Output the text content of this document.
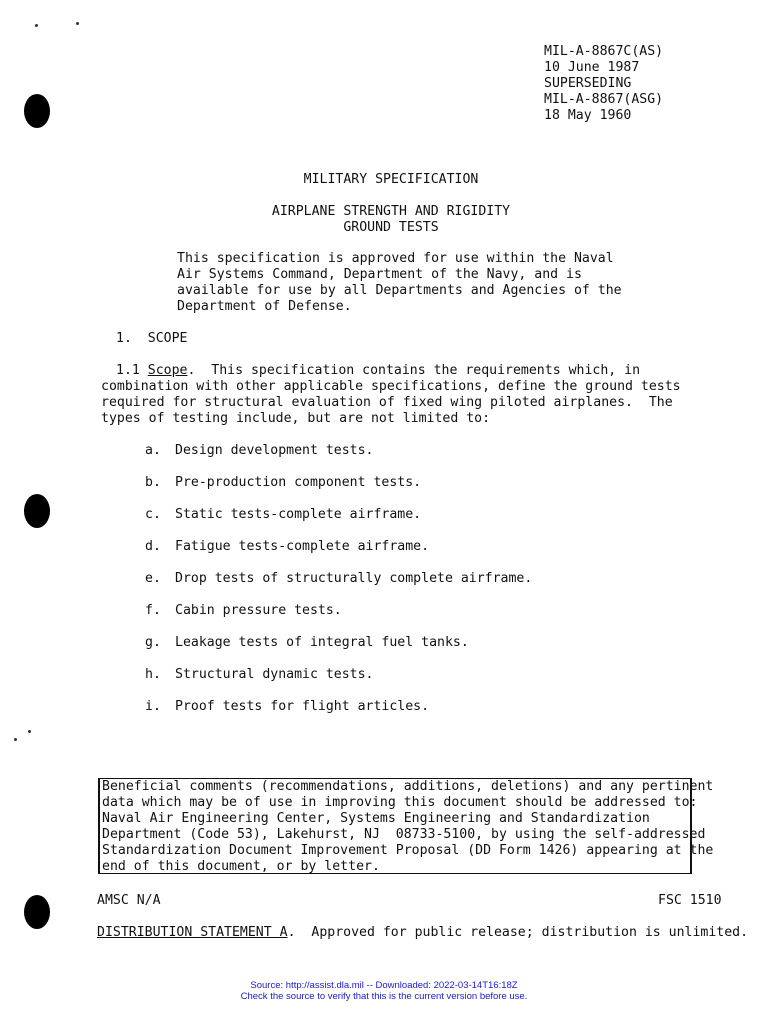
MIL-A-8867C(AS)
10 June 1987
SUPERSEDING
MIL-A-8867(ASG)
18 May 1960
MILITARY SPECIFICATION
AIRPLANE STRENGTH AND RIGIDITY
GROUND TESTS
This specification is approved for use within the Naval
Air Systems Command, Department of the Navy, and is
available for use by all Departments and Agencies of the
Department of Defense.
1.  SCOPE
1.1 Scope.  This specification contains the requirements which, in
combination with other applicable specifications, define the ground tests
required for structural evaluation of fixed wing piloted airplanes.  The
types of testing include, but are not limited to:
a. Design development tests.
b. Pre-production component tests.
c. Static tests-complete airframe.
d. Fatigue tests-complete airframe.
e. Drop tests of structurally complete airframe.
f. Cabin pressure tests.
g. Leakage tests of integral fuel tanks.
h. Structural dynamic tests.
i. Proof tests for flight articles.
Beneficial comments (recommendations, additions, deletions) and any pertinent
data which may be of use in improving this document should be addressed to:
Naval Air Engineering Center, Systems Engineering and Standardization
Department (Code 53), Lakehurst, NJ  08733-5100, by using the self-addressed
Standardization Document Improvement Proposal (DD Form 1426) appearing at the
end of this document, or by letter.
AMSC N/A	FSC 1510
DISTRIBUTION STATEMENT A.  Approved for public release; distribution is unlimited.
Source: http://assist.dla.mil -- Downloaded: 2022-03-14T16:18Z
Check the source to verify that this is the current version before use.
